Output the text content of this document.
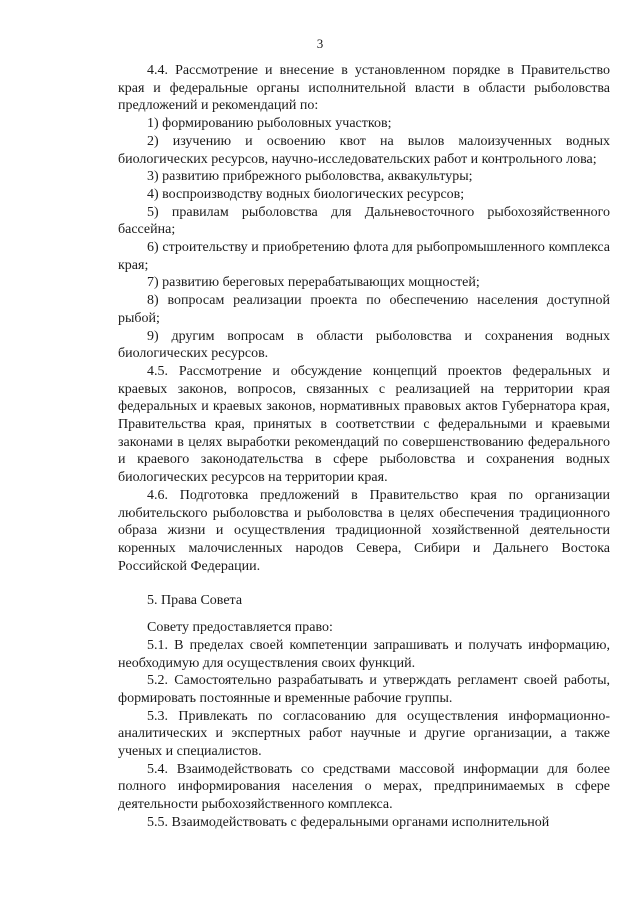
3

4.4. Рассмотрение и внесение в установленном порядке в Правительство края и федеральные органы исполнительной власти в области рыболовства предложений и рекомендаций по:

1) формированию рыболовных участков;

2) изучению и освоению квот на вылов малоизученных водных биологических ресурсов, научно-исследовательских работ и контрольного лова;

3) развитию прибрежного рыболовства, аквакультуры;

4) воспроизводству водных биологических ресурсов;

5) правилам рыболовства для Дальневосточного рыбохозяйственного бассейна;

6) строительству и приобретению флота для рыбопромышленного комплекса края;

7) развитию береговых перерабатывающих мощностей;

8) вопросам реализации проекта по обеспечению населения доступной рыбой;

9) другим вопросам в области рыболовства и сохранения водных биологических ресурсов.

4.5. Рассмотрение и обсуждение концепций проектов федеральных и краевых законов, вопросов, связанных с реализацией на территории края федеральных и краевых законов, нормативных правовых актов Губернатора края, Правительства края, принятых в соответствии с федеральными и краевыми законами в целях выработки рекомендаций по совершенствованию федерального и краевого законодательства в сфере рыболовства и сохранения водных биологических ресурсов на территории края.

4.6. Подготовка предложений в Правительство края по организации любительского рыболовства и рыболовства в целях обеспечения традиционного образа жизни и осуществления традиционной хозяйственной деятельности коренных малочисленных народов Севера, Сибири и Дальнего Востока Российской Федерации.

5. Права Совета

Совету предоставляется право:

5.1. В пределах своей компетенции запрашивать и получать информацию, необходимую для осуществления своих функций.

5.2. Самостоятельно разрабатывать и утверждать регламент своей работы, формировать постоянные и временные рабочие группы.

5.3. Привлекать по согласованию для осуществления информационно-аналитических и экспертных работ научные и другие организации, а также ученых и специалистов.

5.4. Взаимодействовать со средствами массовой информации для более полного информирования населения о мерах, предпринимаемых в сфере деятельности рыбохозяйственного комплекса.

5.5. Взаимодействовать с федеральными органами исполнительной
